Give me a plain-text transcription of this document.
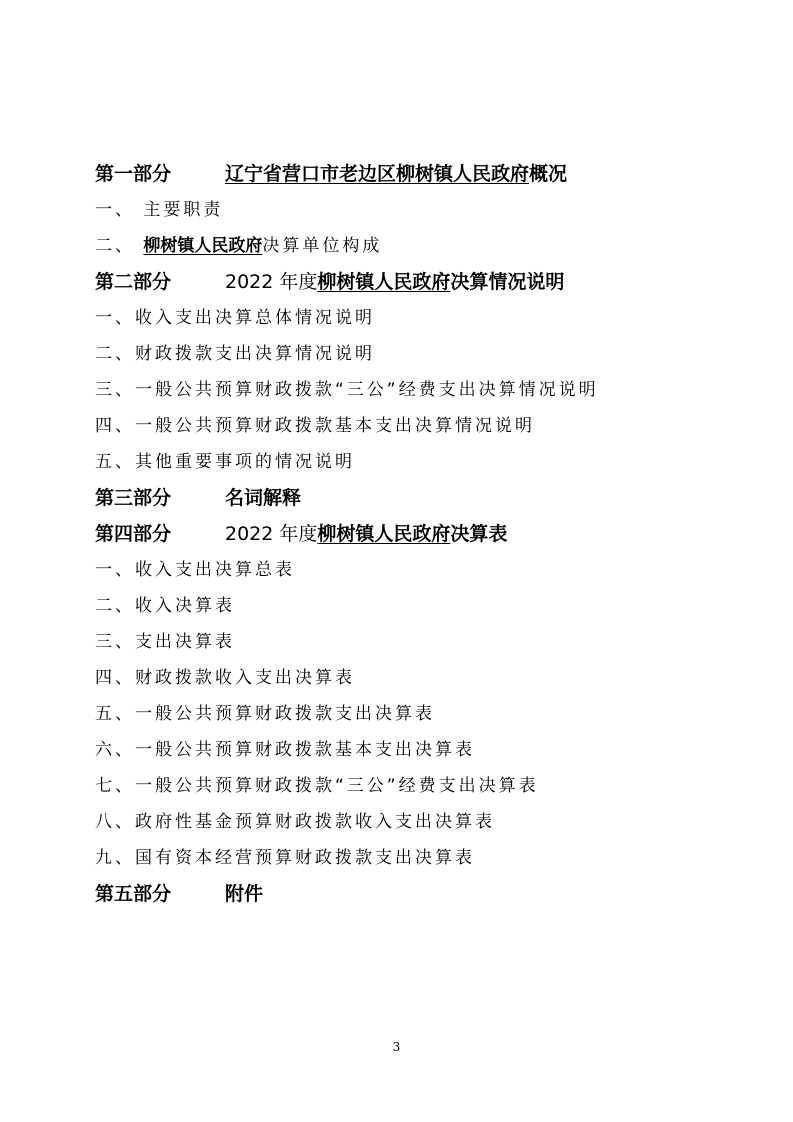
第一部分	辽宁省营口市老边区柳树镇人民政府概况
一、 主要职责
二、 柳树镇人民政府决算单位构成
第二部分	2022 年度柳树镇人民政府决算情况说明
一、收入支出决算总体情况说明
二、财政拨款支出决算情况说明
三、一般公共预算财政拨款“三公”经费支出决算情况说明
四、一般公共预算财政拨款基本支出决算情况说明
五、其他重要事项的情况说明
第三部分	名词解释
第四部分	2022 年度柳树镇人民政府决算表
一、收入支出决算总表
二、收入决算表
三、支出决算表
四、财政拨款收入支出决算表
五、一般公共预算财政拨款支出决算表
六、一般公共预算财政拨款基本支出决算表
七、一般公共预算财政拨款“三公”经费支出决算表
八、政府性基金预算财政拨款收入支出决算表
九、国有资本经营预算财政拨款支出决算表
第五部分	附件
3
